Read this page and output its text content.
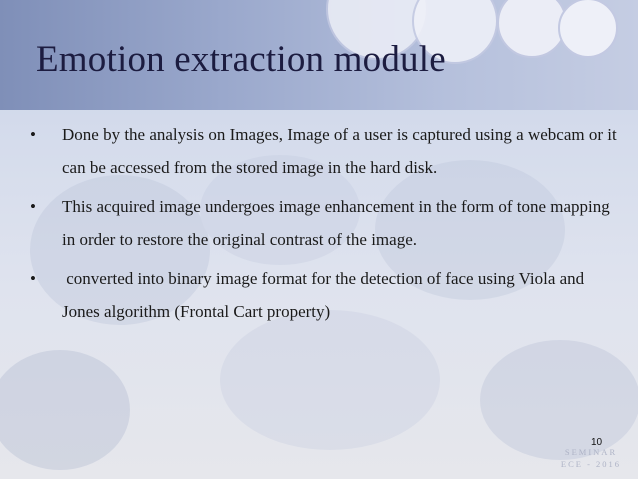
Emotion extraction module
• Done by the analysis on Images, Image of a user is captured using a webcam or it can be accessed from the stored image in the hard disk.
• This acquired image undergoes image enhancement in the form of tone mapping in order to restore the original contrast of the image.
• converted into binary image format for the detection of face using Viola and Jones algorithm (Frontal Cart property)
SEMINAR
ECE - 2016
10
